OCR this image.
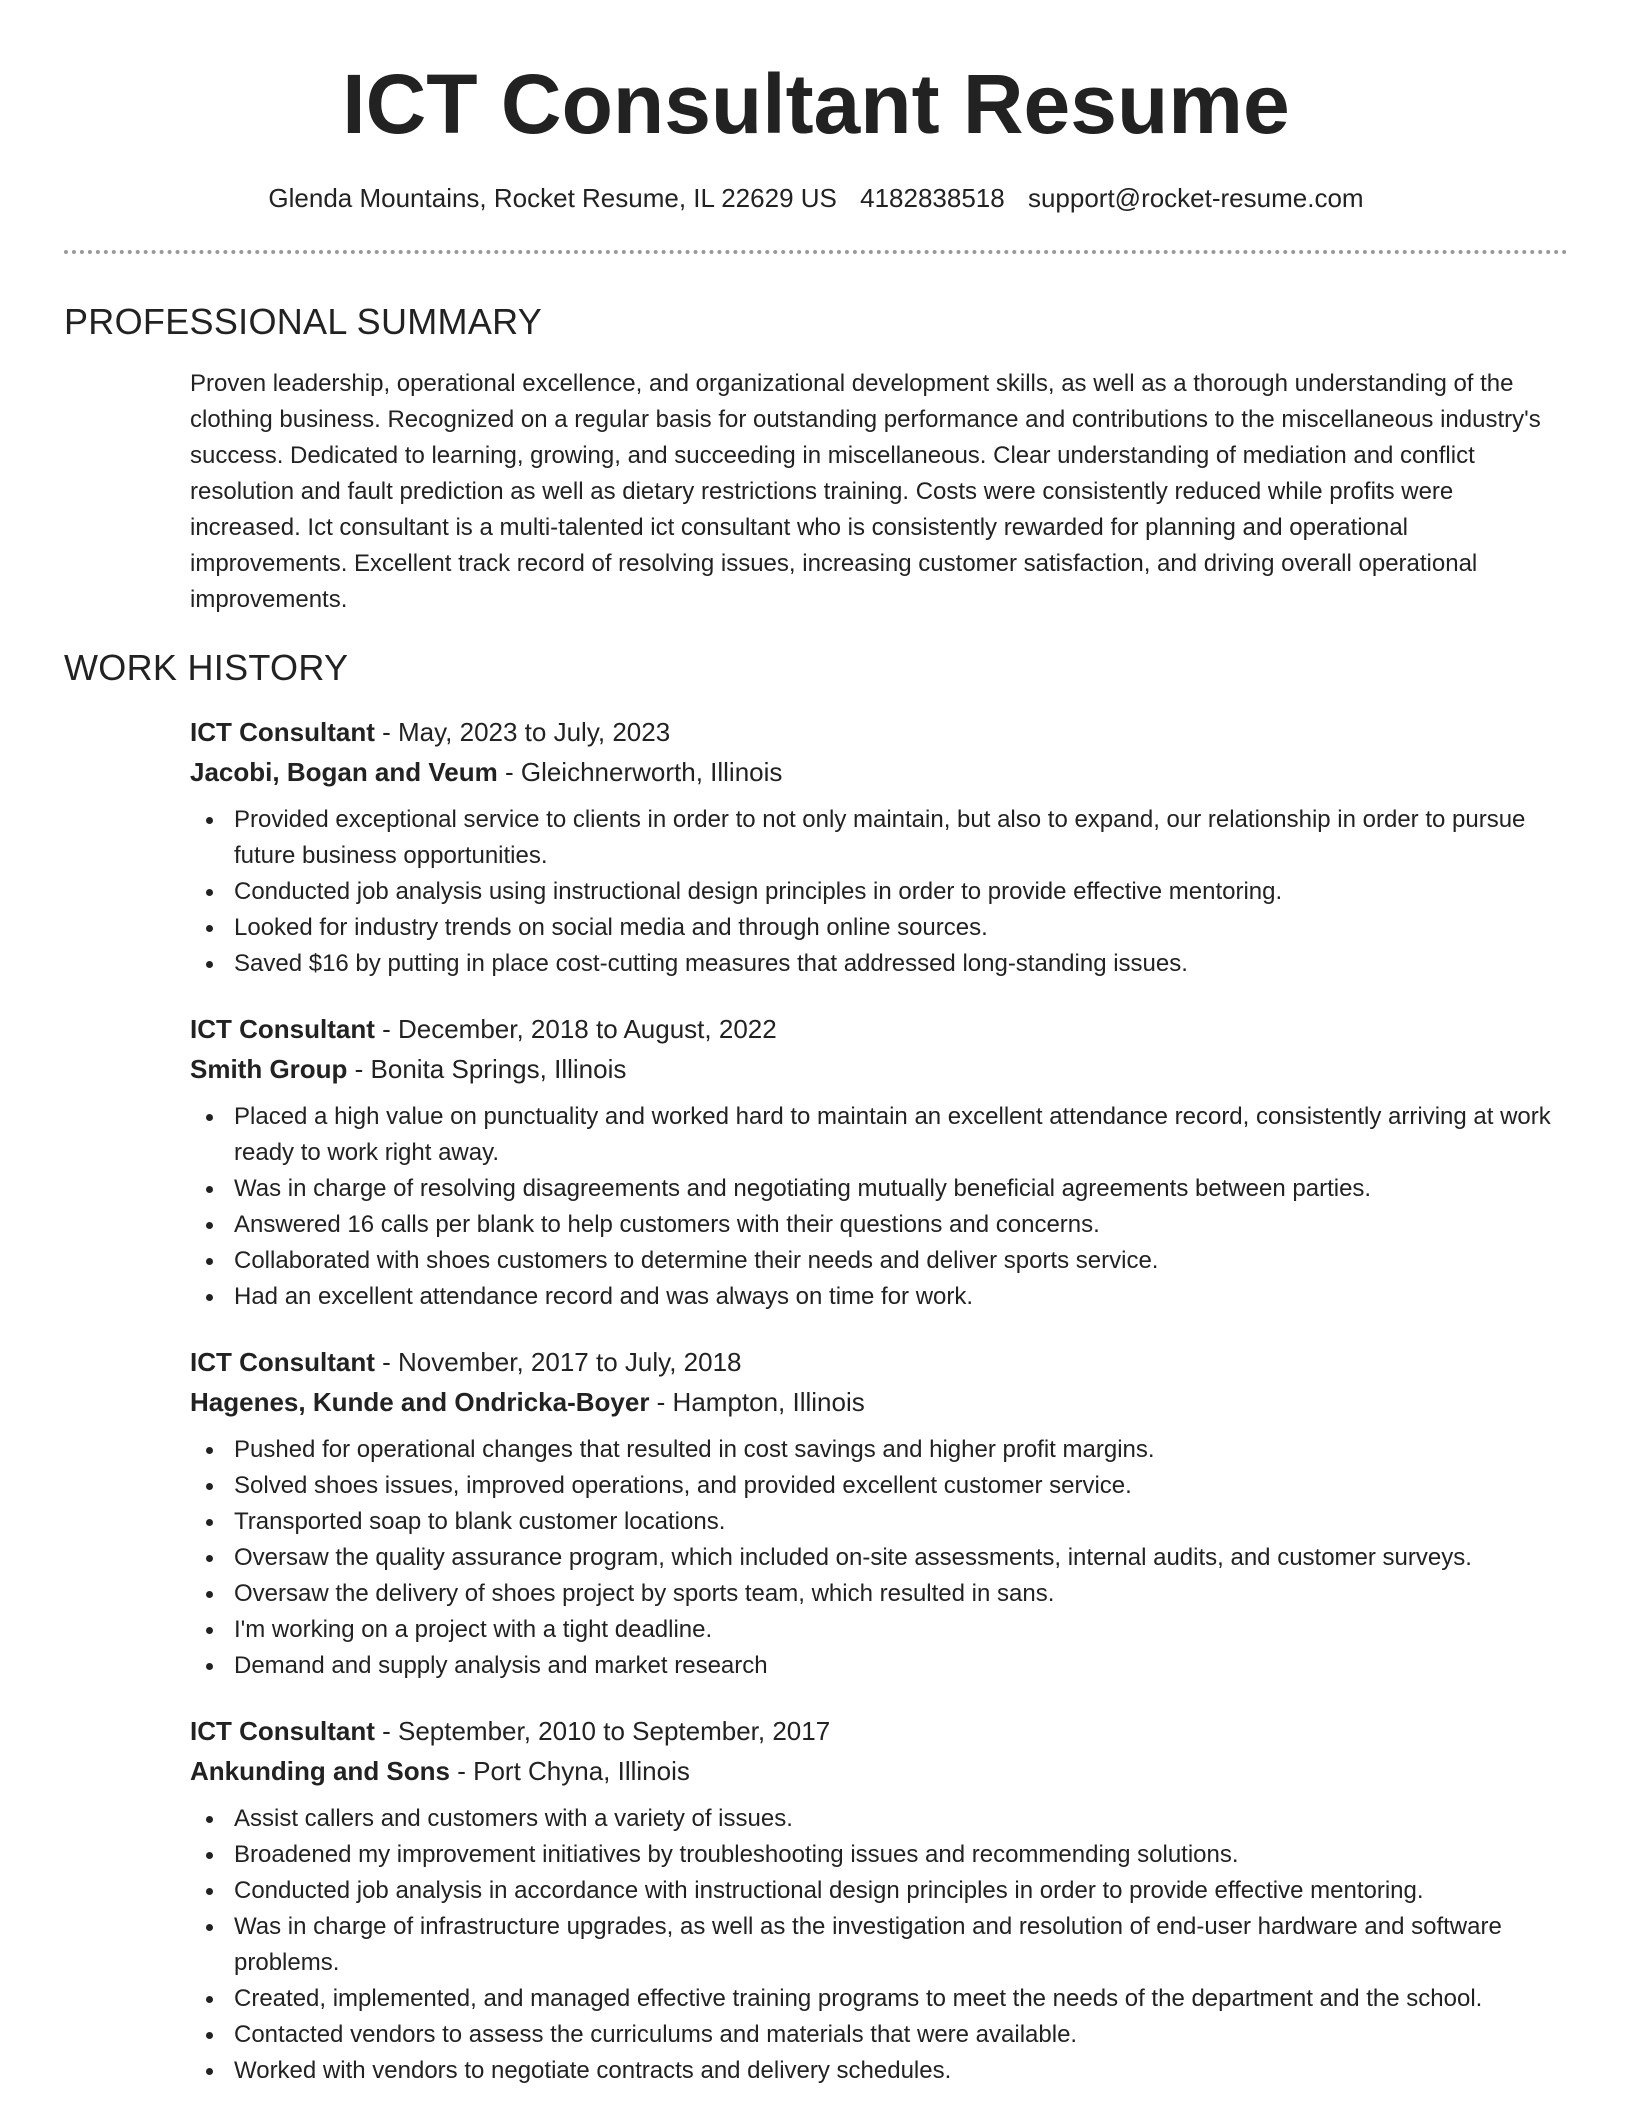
ICT Consultant Resume
Glenda Mountains, Rocket Resume, IL 22629 US 4182838518 support@rocket-resume.com
PROFESSIONAL SUMMARY

Proven leadership, operational excellence, and organizational development skills, as well as a thorough understanding of the clothing business. Recognized on a regular basis for outstanding performance and contributions to the miscellaneous industry's success. Dedicated to learning, growing, and succeeding in miscellaneous. Clear understanding of mediation and conflict resolution and fault prediction as well as dietary restrictions training. Costs were consistently reduced while profits were increased. Ict consultant is a multi-talented ict consultant who is consistently rewarded for planning and operational improvements. Excellent track record of resolving issues, increasing customer satisfaction, and driving overall operational improvements.

WORK HISTORY

ICT Consultant - May, 2023 to July, 2023

Jacobi, Bogan and Veum - Gleichnerworth, Illinois

Provided exceptional service to clients in order to not only maintain, but also to expand, our relationship in order to pursue future business opportunities.
Conducted job analysis using instructional design principles in order to provide effective mentoring.
Looked for industry trends on social media and through online sources.
Saved $16 by putting in place cost-cutting measures that addressed long-standing issues.

ICT Consultant - December, 2018 to August, 2022

Smith Group - Bonita Springs, Illinois

Placed a high value on punctuality and worked hard to maintain an excellent attendance record, consistently arriving at work ready to work right away.
Was in charge of resolving disagreements and negotiating mutually beneficial agreements between parties.
Answered 16 calls per blank to help customers with their questions and concerns.
Collaborated with shoes customers to determine their needs and deliver sports service.
Had an excellent attendance record and was always on time for work.

ICT Consultant - November, 2017 to July, 2018

Hagenes, Kunde and Ondricka-Boyer - Hampton, Illinois

Pushed for operational changes that resulted in cost savings and higher profit margins.
Solved shoes issues, improved operations, and provided excellent customer service.
Transported soap to blank customer locations.
Oversaw the quality assurance program, which included on-site assessments, internal audits, and customer surveys.
Oversaw the delivery of shoes project by sports team, which resulted in sans.
I'm working on a project with a tight deadline.
Demand and supply analysis and market research

ICT Consultant - September, 2010 to September, 2017

Ankunding and Sons - Port Chyna, Illinois

Assist callers and customers with a variety of issues.
Broadened my improvement initiatives by troubleshooting issues and recommending solutions.
Conducted job analysis in accordance with instructional design principles in order to provide effective mentoring.
Was in charge of infrastructure upgrades, as well as the investigation and resolution of end-user hardware and software problems.
Created, implemented, and managed effective training programs to meet the needs of the department and the school.
Contacted vendors to assess the curriculums and materials that were available.
Worked with vendors to negotiate contracts and delivery schedules.
